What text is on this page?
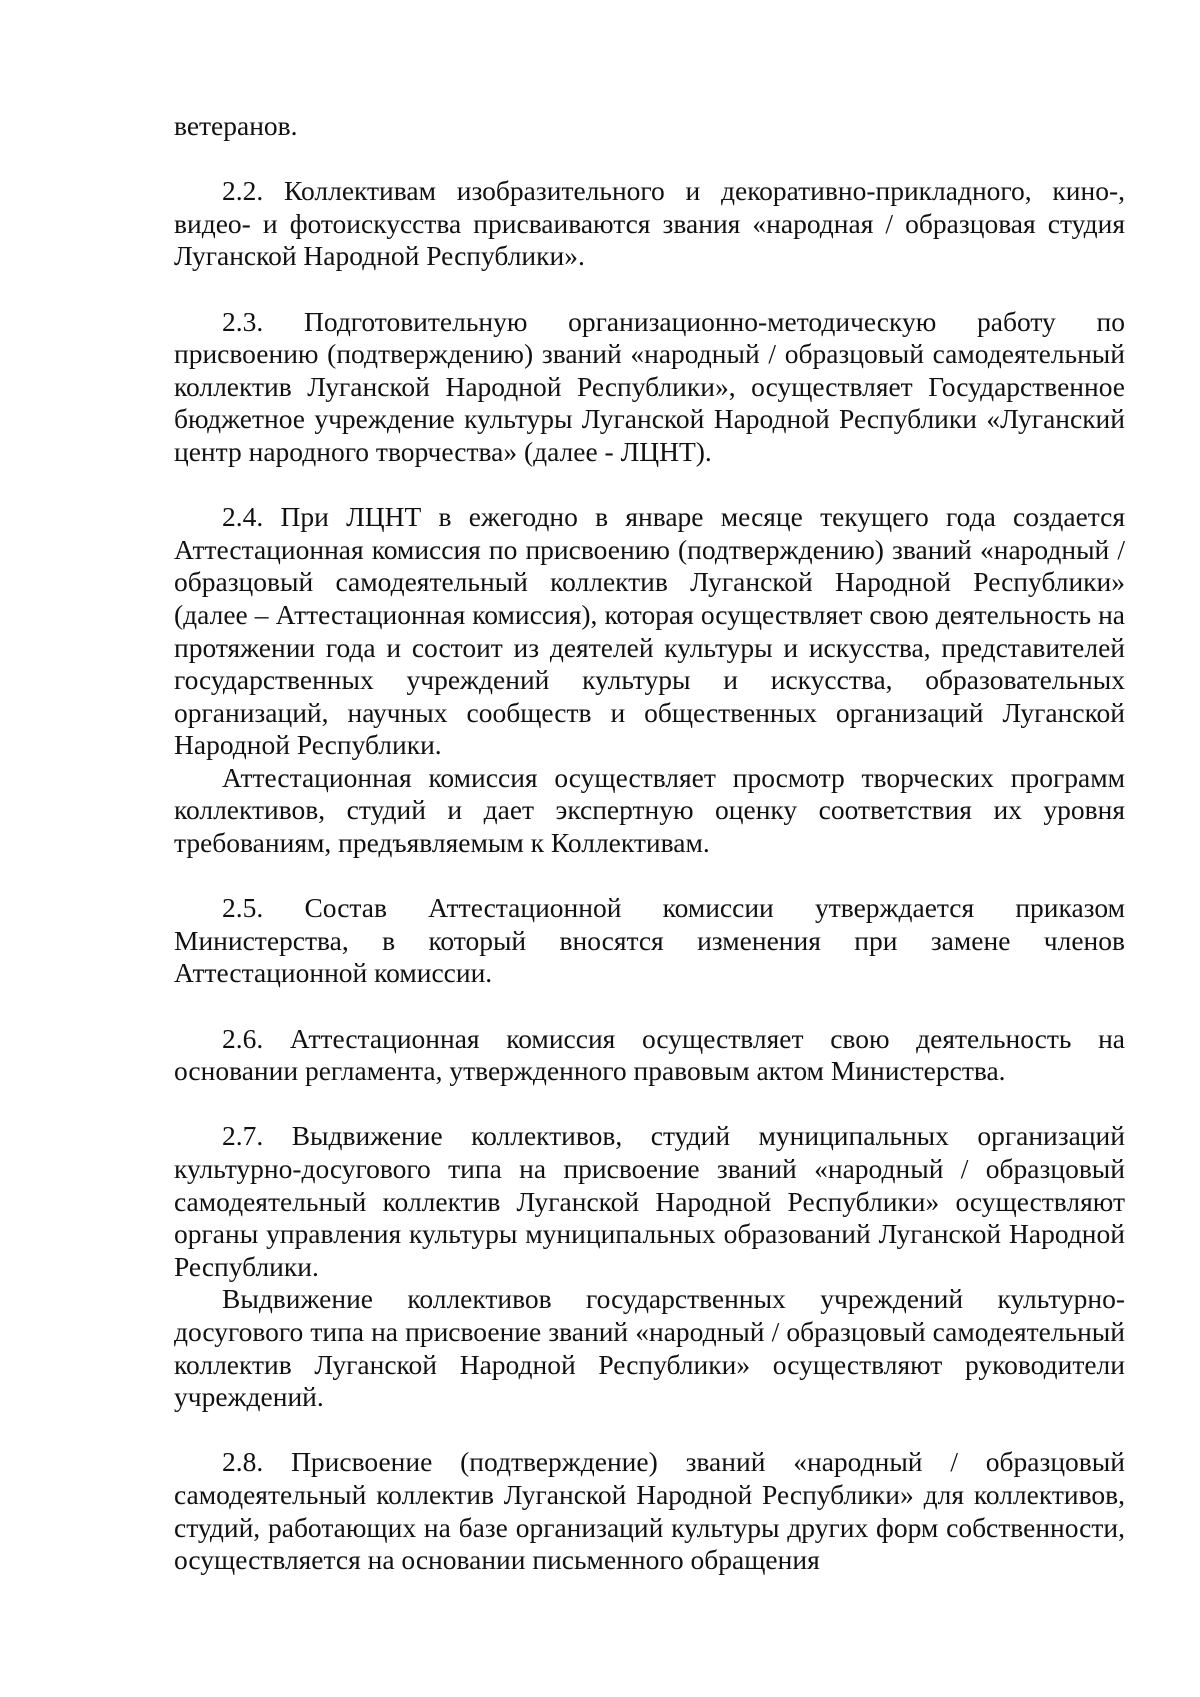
ветеранов.

2.2. Коллективам изобразительного и декоративно-прикладного, кино-, видео- и фотоискусства присваиваются звания «народная / образцовая студия Луганской Народной Республики».

2.3. Подготовительную организационно-методическую работу по присвоению (подтверждению) званий «народный / образцовый самодеятельный коллектив Луганской Народной Республики», осуществляет Государственное бюджетное учреждение культуры Луганской Народной Республики «Луганский центр народного творчества» (далее - ЛЦНТ).

2.4. При ЛЦНТ в ежегодно в январе месяце текущего года создается Аттестационная комиссия по присвоению (подтверждению) званий «народный / образцовый самодеятельный коллектив Луганской Народной Республики» (далее – Аттестационная комиссия), которая осуществляет свою деятельность на протяжении года и состоит из деятелей культуры и искусства, представителей государственных учреждений культуры и искусства, образовательных организаций, научных сообществ и общественных организаций Луганской Народной Республики.

Аттестационная комиссия осуществляет просмотр творческих программ коллективов, студий и дает экспертную оценку соответствия их уровня требованиям, предъявляемым к Коллективам.

2.5. Состав Аттестационной комиссии утверждается приказом Министерства, в который вносятся изменения при замене членов Аттестационной комиссии.

2.6. Аттестационная комиссия осуществляет свою деятельность на основании регламента, утвержденного правовым актом Министерства.

2.7. Выдвижение коллективов, студий муниципальных организаций культурно-досугового типа на присвоение званий «народный / образцовый самодеятельный коллектив Луганской Народной Республики» осуществляют органы управления культуры муниципальных образований Луганской Народной Республики.

Выдвижение коллективов государственных учреждений культурно-досугового типа на присвоение званий «народный / образцовый самодеятельный коллектив Луганской Народной Республики» осуществляют руководители учреждений.

2.8. Присвоение (подтверждение) званий «народный / образцовый самодеятельный коллектив Луганской Народной Республики» для коллективов, студий, работающих на базе организаций культуры других форм собственности, осуществляется на основании письменного обращения
